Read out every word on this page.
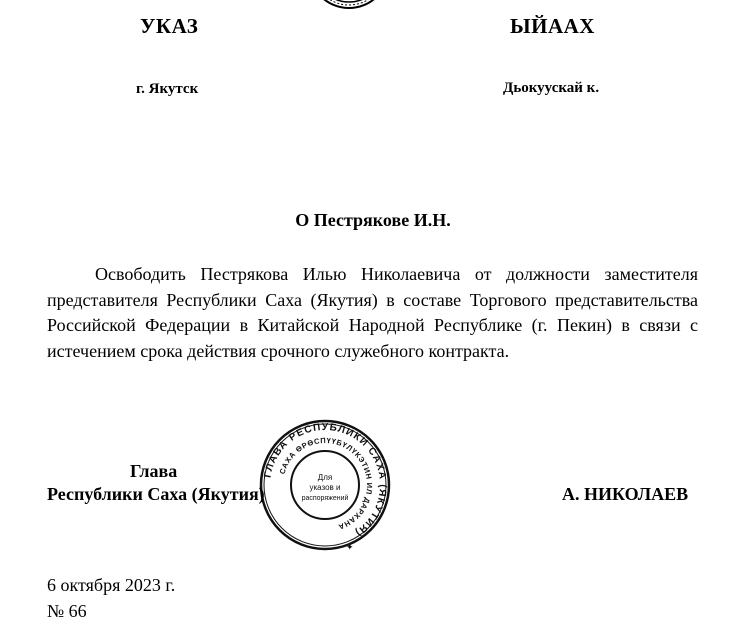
УКАЗ	ЫЙААХ
г. Якутск	Дьокуускай к.
О Пестрякове И.Н.

Освободить Пестрякова Илью Николаевича от должности заместителя представителя Республики Саха (Якутия) в составе Торгового представительства Российской Федерации в Китайской Народной Республике (г. Пекин) в связи с истечением срока действия срочного служебного контракта.

ГЛАВА РЕСПУБЛИКИ САХА (ЯКУТИЯ)
САХА ӨРӨСПҮҮБҮЛҮКЭТИН ИЛ ДАРХАНА
Для
указов и
распоряжений
✦
Глава
Республики Саха (Якутия)	А. НИКОЛАЕВ
6 октября 2023 г.
№ 66
